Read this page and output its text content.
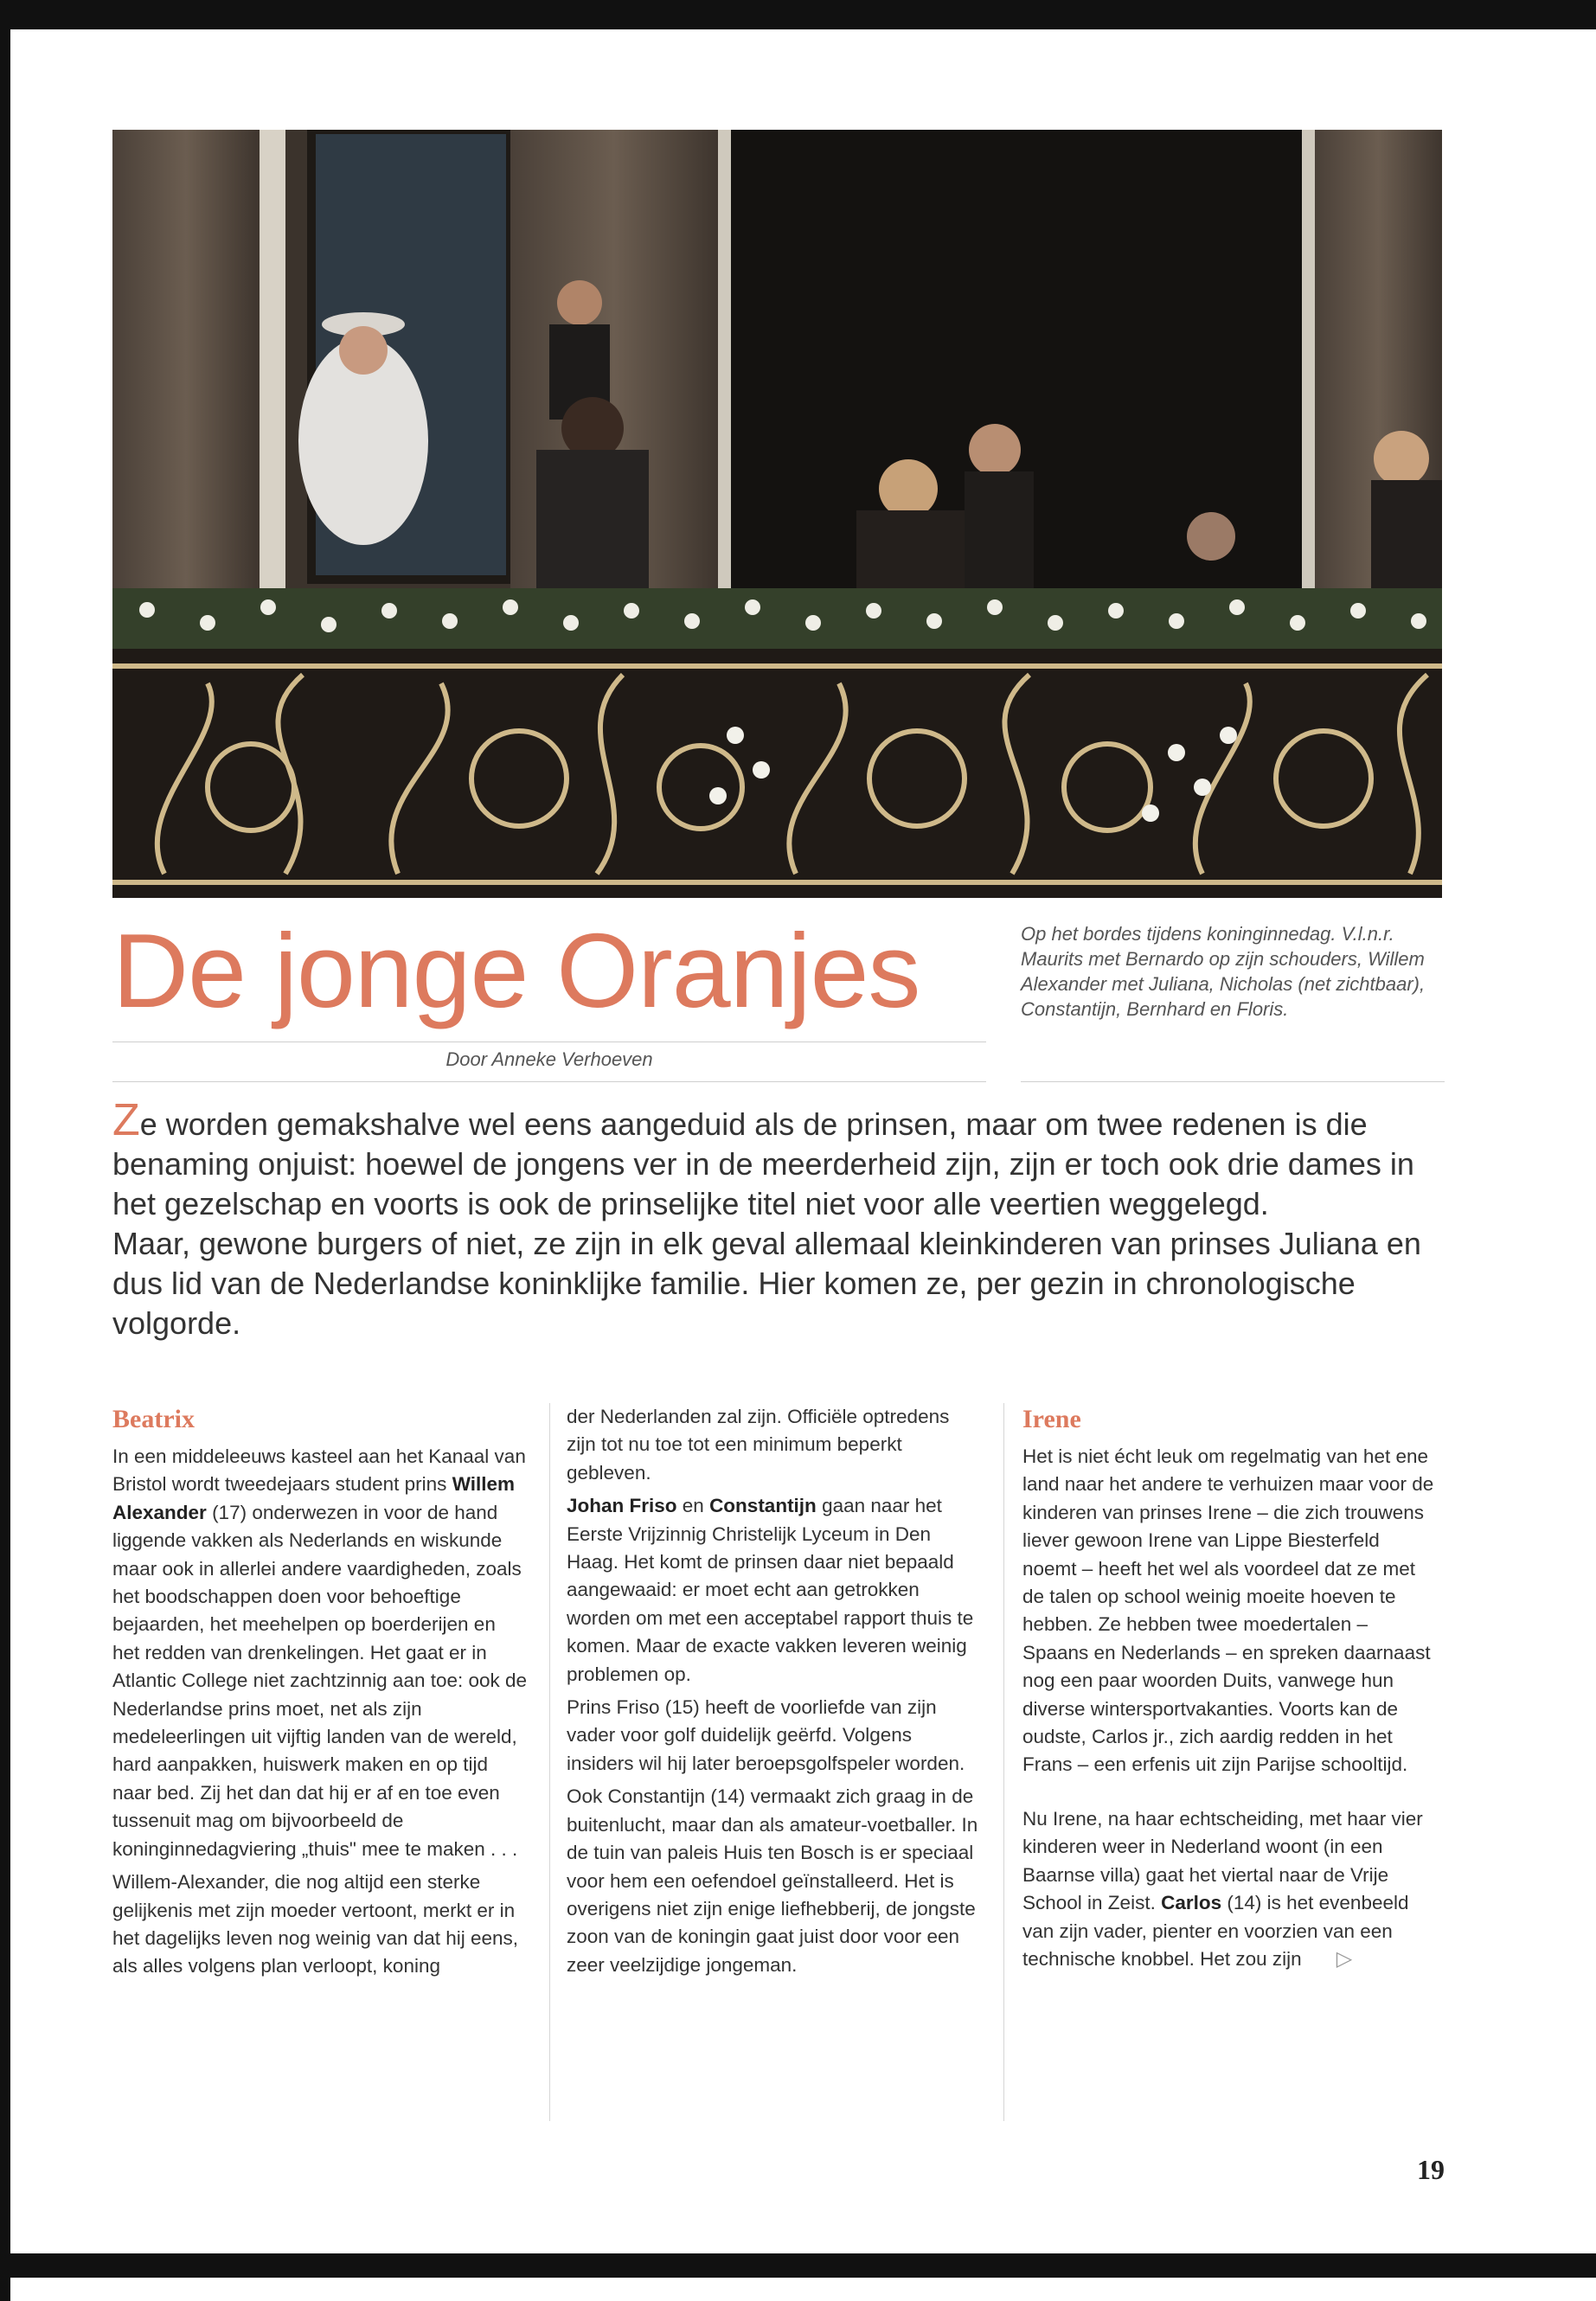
De jonge Oranjes
Door Anneke Verhoeven

Op het bordes tijdens koninginnedag. V.l.n.r. Maurits met Bernardo op zijn schouders, Willem Alexander met Juliana, Nicholas (net zichtbaar), Constantijn, Bernhard en Floris.

Ze worden gemakshalve wel eens aangeduid als de prinsen, maar om twee redenen is die benaming onjuist: hoewel de jongens ver in de meerderheid zijn, zijn er toch ook drie dames in het gezelschap en voorts is ook de prinselijke titel niet voor alle veertien weggelegd.

Maar, gewone burgers of niet, ze zijn in elk geval allemaal kleinkinderen van prinses Juliana en dus lid van de Nederlandse koninklijke familie. Hier komen ze, per gezin in chronologische volgorde.

Beatrix

In een middeleeuws kasteel aan het Kanaal van Bristol wordt tweedejaars student prins Willem Alexander (17) onderwezen in voor de hand liggende vakken als Nederlands en wiskunde maar ook in allerlei andere vaardigheden, zoals het boodschappen doen voor behoeftige bejaarden, het meehelpen op boerderijen en het redden van drenkelingen. Het gaat er in Atlantic College niet zachtzinnig aan toe: ook de Nederlandse prins moet, net als zijn medeleerlingen uit vijftig landen van de wereld, hard aanpakken, huiswerk maken en op tijd naar bed. Zij het dan dat hij er af en toe even tussenuit mag om bijvoorbeeld de koninginnedagviering „thuis" mee te maken . . .

Willem-Alexander, die nog altijd een sterke gelijkenis met zijn moeder vertoont, merkt er in het dagelijks leven nog weinig van dat hij eens, als alles volgens plan verloopt, koning

der Nederlanden zal zijn. Officiële optredens zijn tot nu toe tot een minimum beperkt gebleven.

Johan Friso en Constantijn gaan naar het Eerste Vrijzinnig Christelijk Lyceum in Den Haag. Het komt de prinsen daar niet bepaald aangewaaid: er moet echt aan getrokken worden om met een acceptabel rapport thuis te komen. Maar de exacte vakken leveren weinig problemen op.

Prins Friso (15) heeft de voorliefde van zijn vader voor golf duidelijk geërfd. Volgens insiders wil hij later beroepsgolfspeler worden.

Ook Constantijn (14) vermaakt zich graag in de buitenlucht, maar dan als amateur-voetballer. In de tuin van paleis Huis ten Bosch is er speciaal voor hem een oefendoel geïnstalleerd. Het is overigens niet zijn enige liefhebberij, de jongste zoon van de koningin gaat juist door voor een zeer veelzijdige jongeman.

Irene

Het is niet écht leuk om regelmatig van het ene land naar het andere te verhuizen maar voor de kinderen van prinses Irene – die zich trouwens liever gewoon Irene van Lippe Biesterfeld noemt – heeft het wel als voordeel dat ze met de talen op school weinig moeite hoeven te hebben. Ze hebben twee moedertalen – Spaans en Nederlands – en spreken daarnaast nog een paar woorden Duits, vanwege hun diverse wintersportvakanties. Voorts kan de oudste, Carlos jr., zich aardig redden in het Frans – een erfenis uit zijn Parijse schooltijd.

Nu Irene, na haar echtscheiding, met haar vier kinderen weer in Nederland woont (in een Baarnse villa) gaat het viertal naar de Vrije School in Zeist. Carlos (14) is het evenbeeld van zijn vader, pienter en voorzien van een technische knobbel. Het zou zijn ▷

19
